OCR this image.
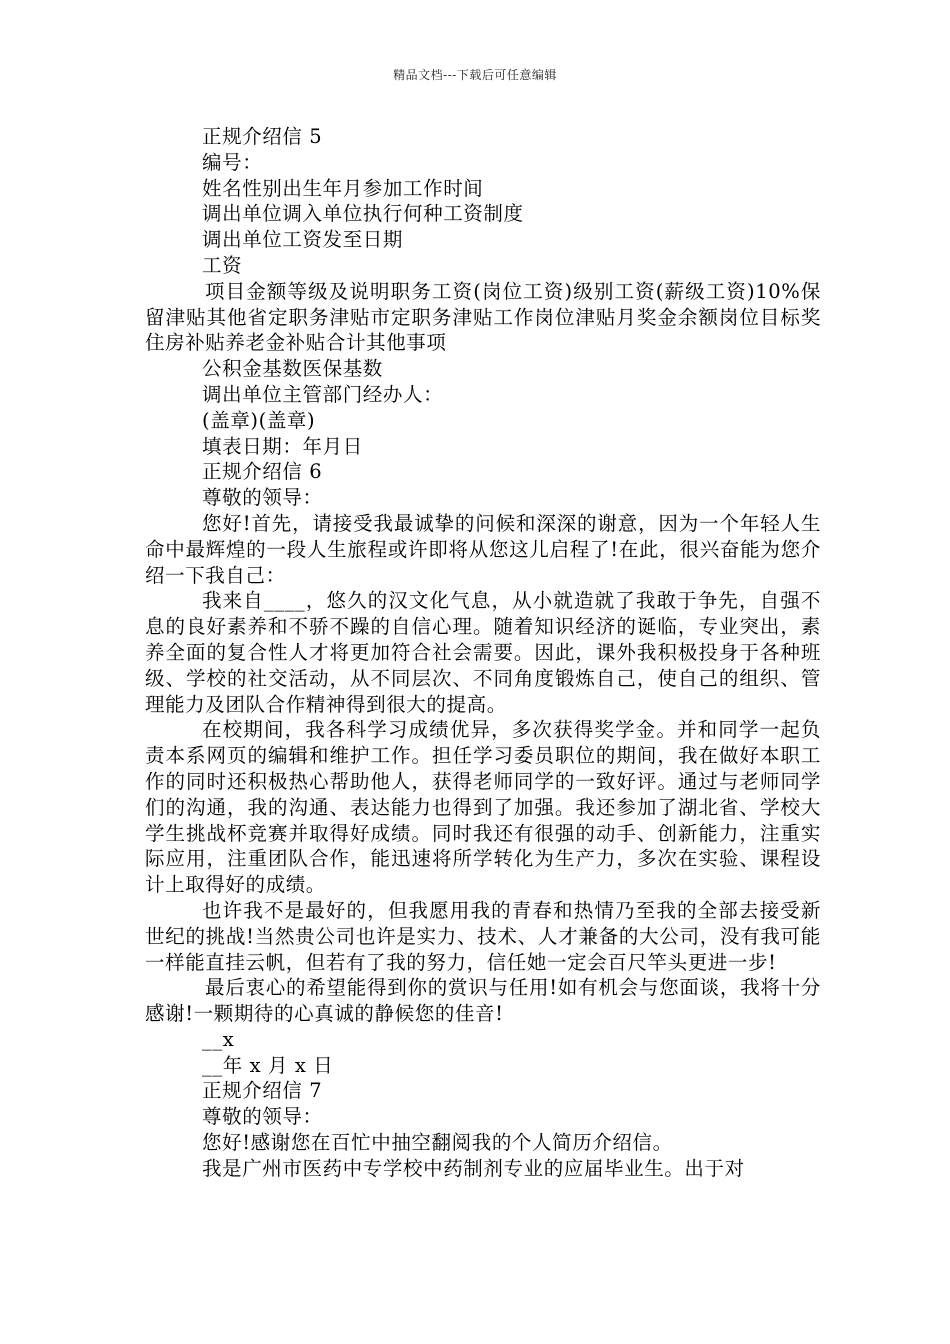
精品文档---下载后可任意编辑

正规介绍信 5

编号：

姓名性别出生年月参加工作时间

调出单位调入单位执行何种工资制度

调出单位工资发至日期

工资

项目金额等级及说明职务工资(岗位工资)级别工资(薪级工资)10%保留津贴其他省定职务津贴市定职务津贴工作岗位津贴月奖金余额岗位目标奖住房补贴养老金补贴合计其他事项

公积金基数医保基数

调出单位主管部门经办人：

(盖章)(盖章)

填表日期：年月日

正规介绍信 6

尊敬的领导：

您好!首先，请接受我最诚挚的问候和深深的谢意，因为一个年轻人生命中最辉煌的一段人生旅程或许即将从您这儿启程了!在此，很兴奋能为您介绍一下我自己：

我来自____，悠久的汉文化气息，从小就造就了我敢于争先，自强不息的良好素养和不骄不躁的自信心理。随着知识经济的诞临，专业突出，素养全面的复合性人才将更加符合社会需要。因此，课外我积极投身于各种班级、学校的社交活动，从不同层次、不同角度锻炼自己，使自己的组织、管理能力及团队合作精神得到很大的提高。

在校期间，我各科学习成绩优异，多次获得奖学金。并和同学一起负责本系网页的编辑和维护工作。担任学习委员职位的期间，我在做好本职工作的同时还积极热心帮助他人，获得老师同学的一致好评。通过与老师同学们的沟通，我的沟通、表达能力也得到了加强。我还参加了湖北省、学校大学生挑战杯竞赛并取得好成绩。同时我还有很强的动手、创新能力，注重实际应用，注重团队合作，能迅速将所学转化为生产力，多次在实验、课程设计上取得好的成绩。

也许我不是最好的，但我愿用我的青春和热情乃至我的全部去接受新世纪的挑战!当然贵公司也许是实力、技术、人才兼备的大公司，没有我可能一样能直挂云帆，但若有了我的努力，信任她一定会百尺竿头更进一步!

最后衷心的希望能得到你的赏识与任用!如有机会与您面谈，我将十分感谢!一颗期待的心真诚的静候您的佳音!

__x

__年 x 月 x 日

正规介绍信 7

尊敬的领导：

您好!感谢您在百忙中抽空翻阅我的个人简历介绍信。

我是广州市医药中专学校中药制剂专业的应届毕业生。出于对
